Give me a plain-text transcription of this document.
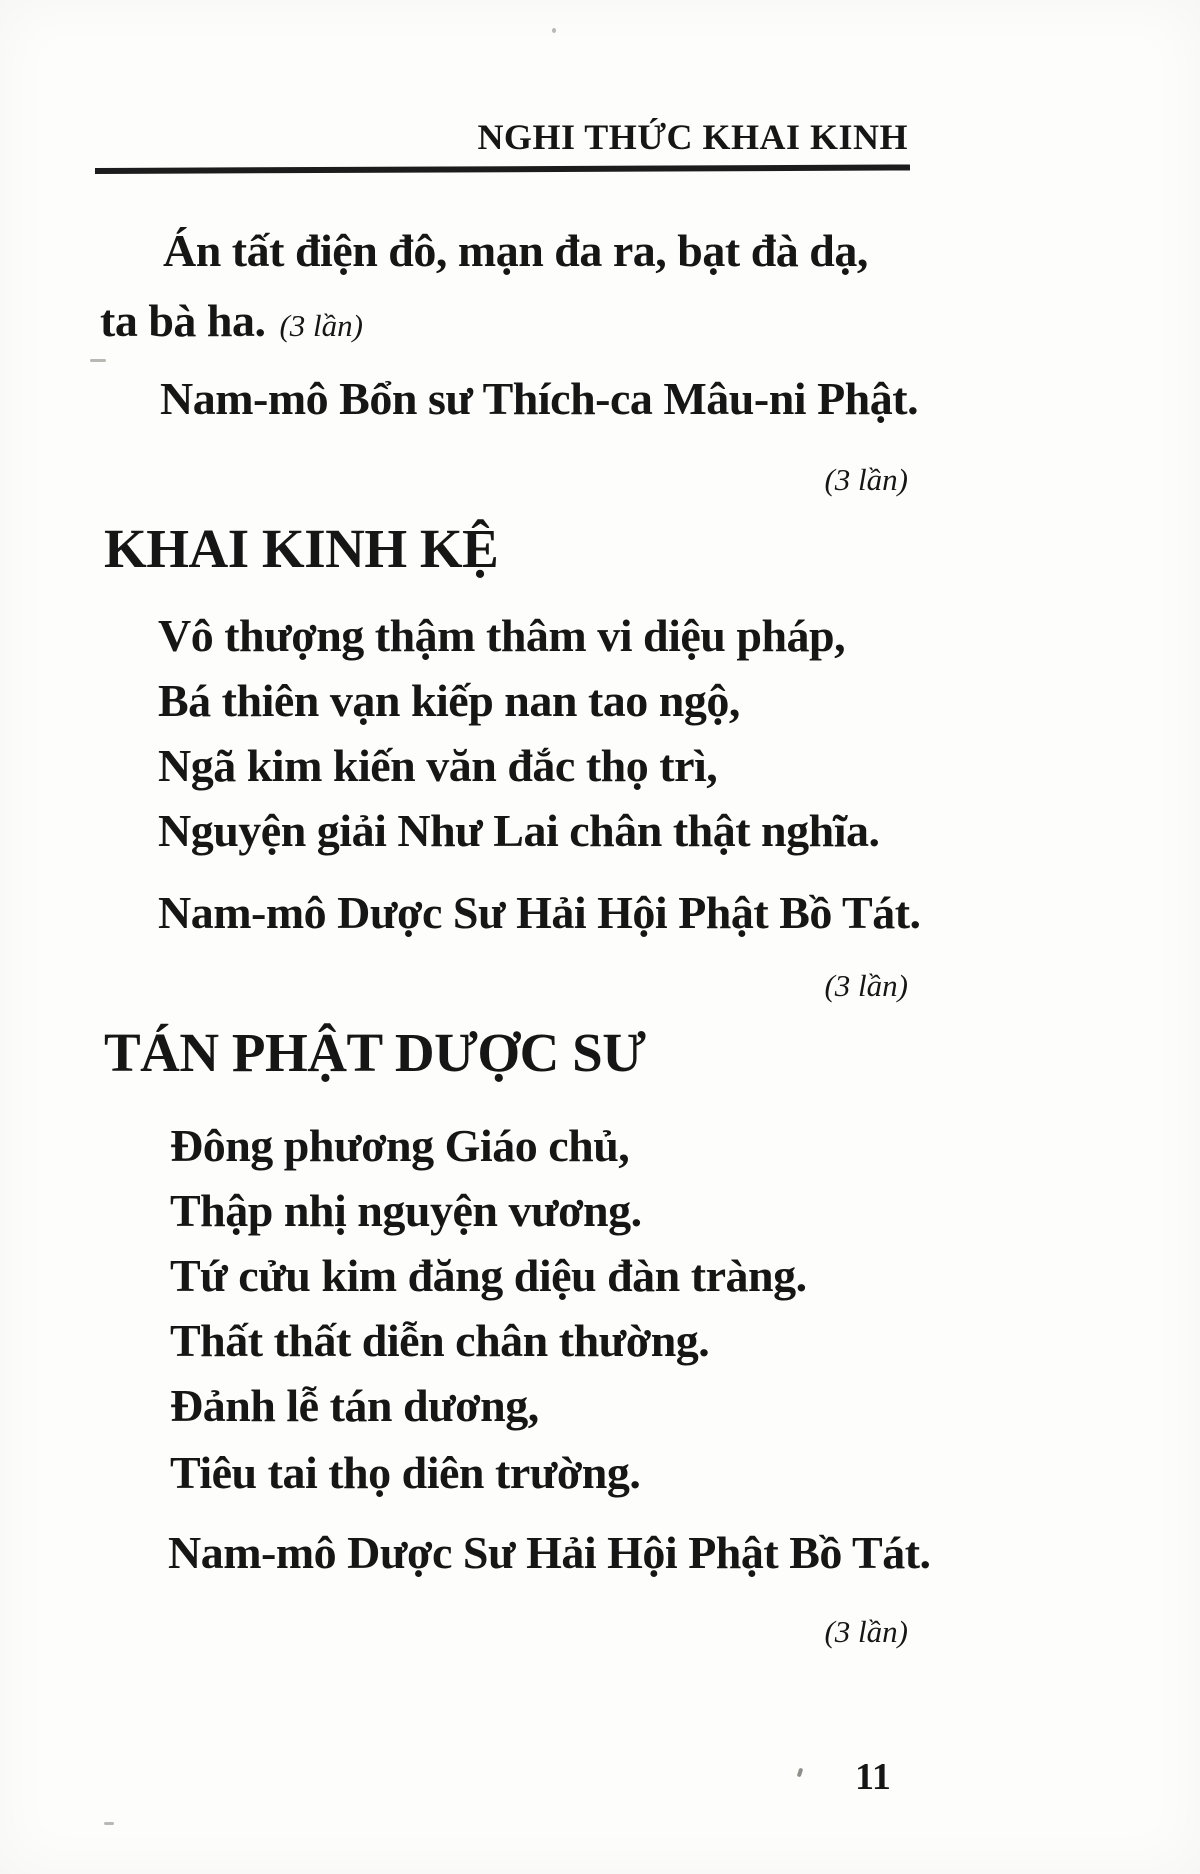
NGHI THỨC KHAI KINH
Án tất điện đô, mạn đa ra, bạt đà dạ,
ta bà ha. (3 lần)
Nam-mô Bổn sư Thích-ca Mâu-ni Phật.
(3 lần)
KHAI KINH KỆ
Vô thượng thậm thâm vi diệu pháp,
Bá thiên vạn kiếp nan tao ngộ,
Ngã kim kiến văn đắc thọ trì,
Nguyện giải Như Lai chân thật nghĩa.
Nam-mô Dược Sư Hải Hội Phật Bồ Tát.
(3 lần)
TÁN PHẬT DƯỢC SƯ
Đông phương Giáo chủ,
Thập nhị nguyện vương.
Tứ cửu kim đăng diệu đàn tràng.
Thất thất diễn chân thường.
Đảnh lễ tán dương,
Tiêu tai thọ diên trường.
Nam-mô Dược Sư Hải Hội Phật Bồ Tát.
(3 lần)
11
